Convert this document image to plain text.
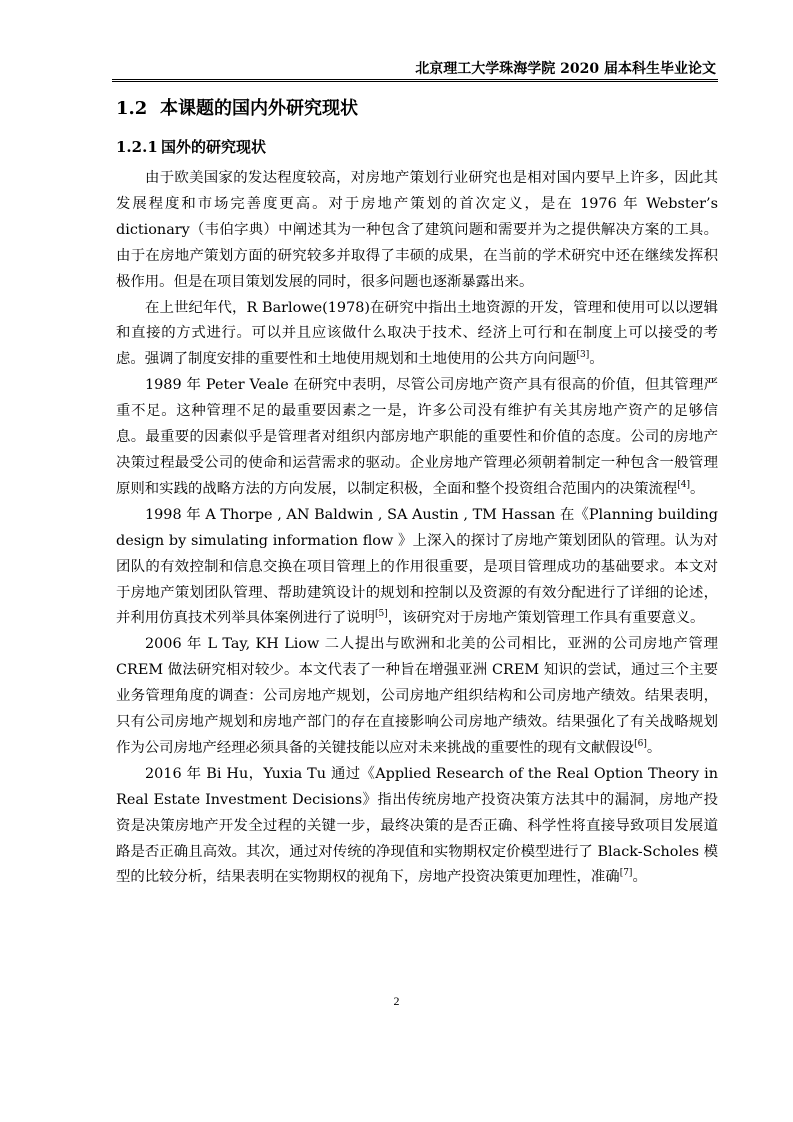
北京理工大学珠海学院 2020 届本科生毕业论文
1.2 本课题的国内外研究现状
1.2.1 国外的研究现状

由于欧美国家的发达程度较高，对房地产策划行业研究也是相对国内要早上许多，因此其发展程度和市场完善度更高。对于房地产策划的首次定义，是在 1976 年 Webster’s dictionary（韦伯字典）中阐述其为一种包含了建筑问题和需要并为之提供解决方案的工具。由于在房地产策划方面的研究较多并取得了丰硕的成果，在当前的学术研究中还在继续发挥积极作用。但是在项目策划发展的同时，很多问题也逐渐暴露出来。

在上世纪年代，R Barlowe(1978)在研究中指出土地资源的开发，管理和使用可以以逻辑和直接的方式进行。可以并且应该做什么取决于技术、经济上可行和在制度上可以接受的考虑。强调了制度安排的重要性和土地使用规划和土地使用的公共方向问题[3]。

1989 年 Peter Veale 在研究中表明，尽管公司房地产资产具有很高的价值，但其管理严重不足。这种管理不足的最重要因素之一是，许多公司没有维护有关其房地产资产的足够信息。最重要的因素似乎是管理者对组织内部房地产职能的重要性和价值的态度。公司的房地产决策过程最受公司的使命和运营需求的驱动。企业房地产管理必须朝着制定一种包含一般管理原则和实践的战略方法的方向发展，以制定积极，全面和整个投资组合范围内的决策流程[4]。

1998 年 A Thorpe , AN Baldwin , SA Austin , TM Hassan 在《Planning building design by simulating information flow 》上深入的探讨了房地产策划团队的管理。认为对团队的有效控制和信息交换在项目管理上的作用很重要，是项目管理成功的基础要求。本文对于房地产策划团队管理、帮助建筑设计的规划和控制以及资源的有效分配进行了详细的论述，并利用仿真技术列举具体案例进行了说明[5]，该研究对于房地产策划管理工作具有重要意义。

2006 年 L Tay, KH Liow 二人提出与欧洲和北美的公司相比，亚洲的公司房地产管理 CREM 做法研究相对较少。本文代表了一种旨在增强亚洲 CREM 知识的尝试，通过三个主要业务管理角度的调查：公司房地产规划，公司房地产组织结构和公司房地产绩效。结果表明，只有公司房地产规划和房地产部门的存在直接影响公司房地产绩效。结果强化了有关战略规划作为公司房地产经理必须具备的关键技能以应对未来挑战的重要性的现有文献假设[6]。

2016 年 Bi Hu，Yuxia Tu 通过《Applied Research of the Real Option Theory in Real Estate Investment Decisions》指出传统房地产投资决策方法其中的漏洞，房地产投资是决策房地产开发全过程的关键一步，最终决策的是否正确、科学性将直接导致项目发展道路是否正确且高效。其次，通过对传统的净现值和实物期权定价模型进行了 Black-Scholes 模型的比较分析，结果表明在实物期权的视角下，房地产投资决策更加理性，准确[7]。

2
